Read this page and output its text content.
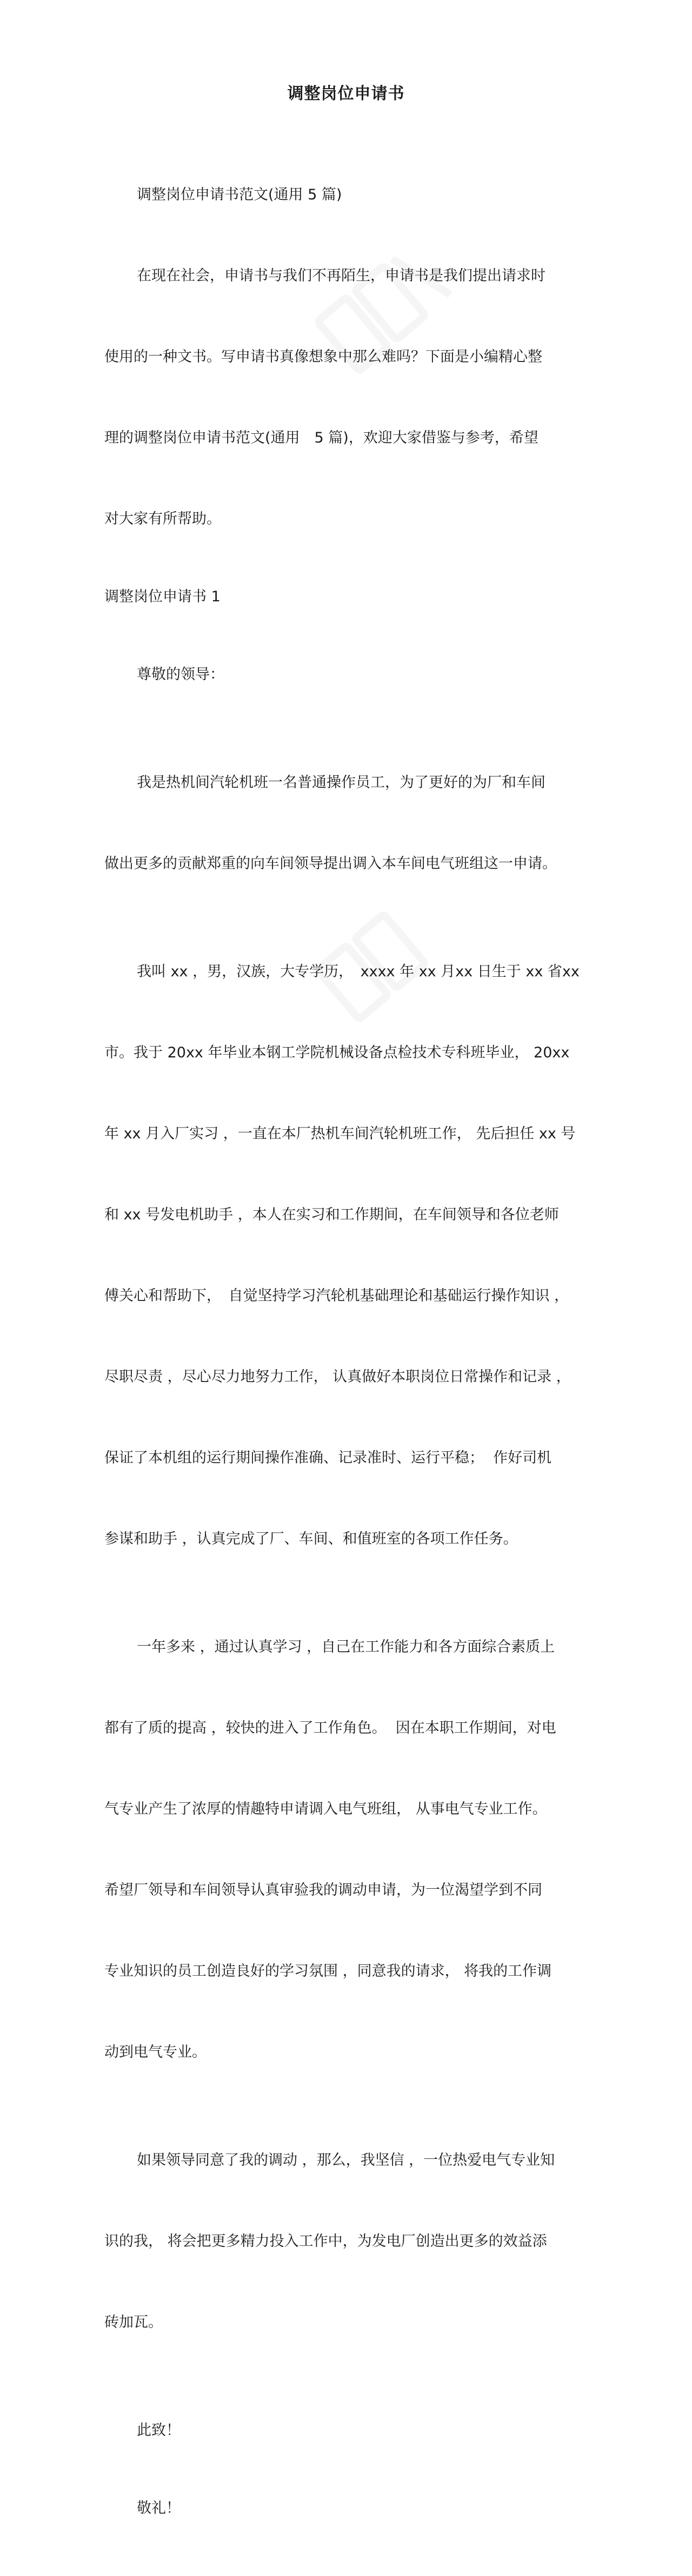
调整岗位申请书

调整岗位申请书范文(通用 5 篇)

在现在社会，申请书与我们不再陌生，申请书是我们提出请求时

使用的一种文书。写申请书真像想象中那么难吗？下面是小编精心整

理的调整岗位申请书范文(通用　5 篇)，欢迎大家借鉴与参考，希望

对大家有所帮助。

调整岗位申请书 1

尊敬的领导：

我是热机间汽轮机班一名普通操作员工，为了更好的为厂和车间

做出更多的贡献郑重的向车间领导提出调入本车间电气班组这一申请。

我叫 xx ，男，汉族，大专学历，　xxxx 年 xx 月xx 日生于 xx 省xx

市。我于 20xx 年毕业本钢工学院机械设备点检技术专科班毕业， 20xx

年 xx 月入厂实习 ，一直在本厂热机车间汽轮机班工作， 先后担任 xx 号

和 xx 号发电机助手 ，本人在实习和工作期间，在车间领导和各位老师

傅关心和帮助下，　自觉坚持学习汽轮机基础理论和基础运行操作知识 ，

尽职尽责 ，尽心尽力地努力工作， 认真做好本职岗位日常操作和记录 ，

保证了本机组的运行期间操作准确、记录准时、运行平稳；  作好司机

参谋和助手 ，认真完成了厂、车间、和值班室的各项工作任务。

一年多来 ，通过认真学习 ，自己在工作能力和各方面综合素质上

都有了质的提高 ，较快的进入了工作角色。  因在本职工作期间，对电

气专业产生了浓厚的情趣特申请调入电气班组， 从事电气专业工作。

希望厂领导和车间领导认真审验我的调动申请，为一位渴望学到不同

专业知识的员工创造良好的学习氛围 ，同意我的请求， 将我的工作调

动到电气专业。

如果领导同意了我的调动 ，那么，我坚信 ，一位热爱电气专业知

识的我， 将会把更多精力投入工作中，为发电厂创造出更多的效益添

砖加瓦。

此致！

敬礼！
